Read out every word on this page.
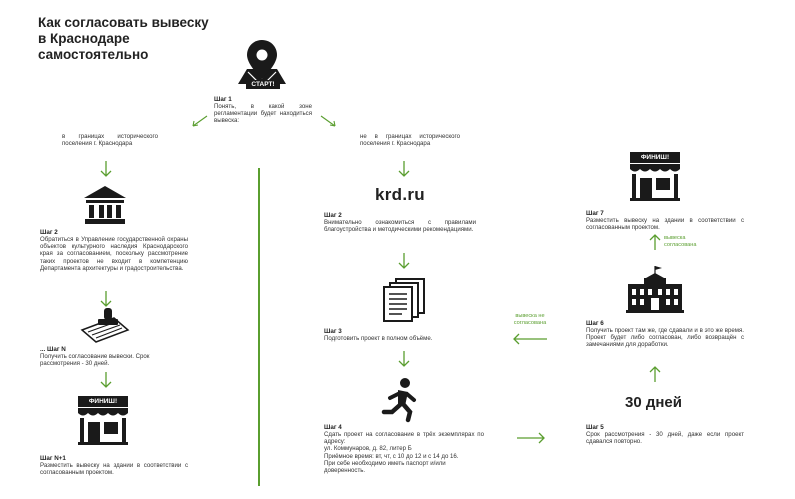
Как согласовать вывеску
в Краснодаре
самостоятельно
СТАРТ!
Шаг 1
Понять, в какой зоне регламентации будет находиться вывеска:
в границах исторического поселения г. Краснодара
не в границах исторического поселения г. Краснодара
Шаг 2
Обратиться в Управление государственной охраны объектов культурного наследия Краснодарского края за согласованием, поскольку рассмотрение таких проектов не входит в компетенцию Департамента архитектуры и градостроительства.
... Шаг N
Получить согласование вывески. Срок рассмотрения - 30 дней.
ФИНИШ!
Шаг N+1
Разместить вывеску на здании в соответствии с согласованным проектом.
krd.ru
Шаг 2
Внимательно ознакомиться с правилами благоустройства и методическими рекомендациями.
Шаг 3
Подготовить проект в полном объёме.
Шаг 4
Сдать проект на согласование в трёх экземплярах по адресу:
ул. Коммунаров, д. 82, литер Б
Приёмное время: вт, чт, с 10 до 12 и с 14 до 16.
При себе необходимо иметь паспорт и/или доверенность.
Шаг 5
Срок рассмотрения - 30 дней, даже если проект сдавался повторно.
30 дней
Шаг 6
Получить проект там же, где сдавали и в это же время. Проект будет либо согласован, либо возвращён с замечаниями для доработки.
вывеска не согласована
вывеска согласована
Шаг 7
Разместить вывеску на здании в соответствии с согласованным проектом.
ФИНИШ!
